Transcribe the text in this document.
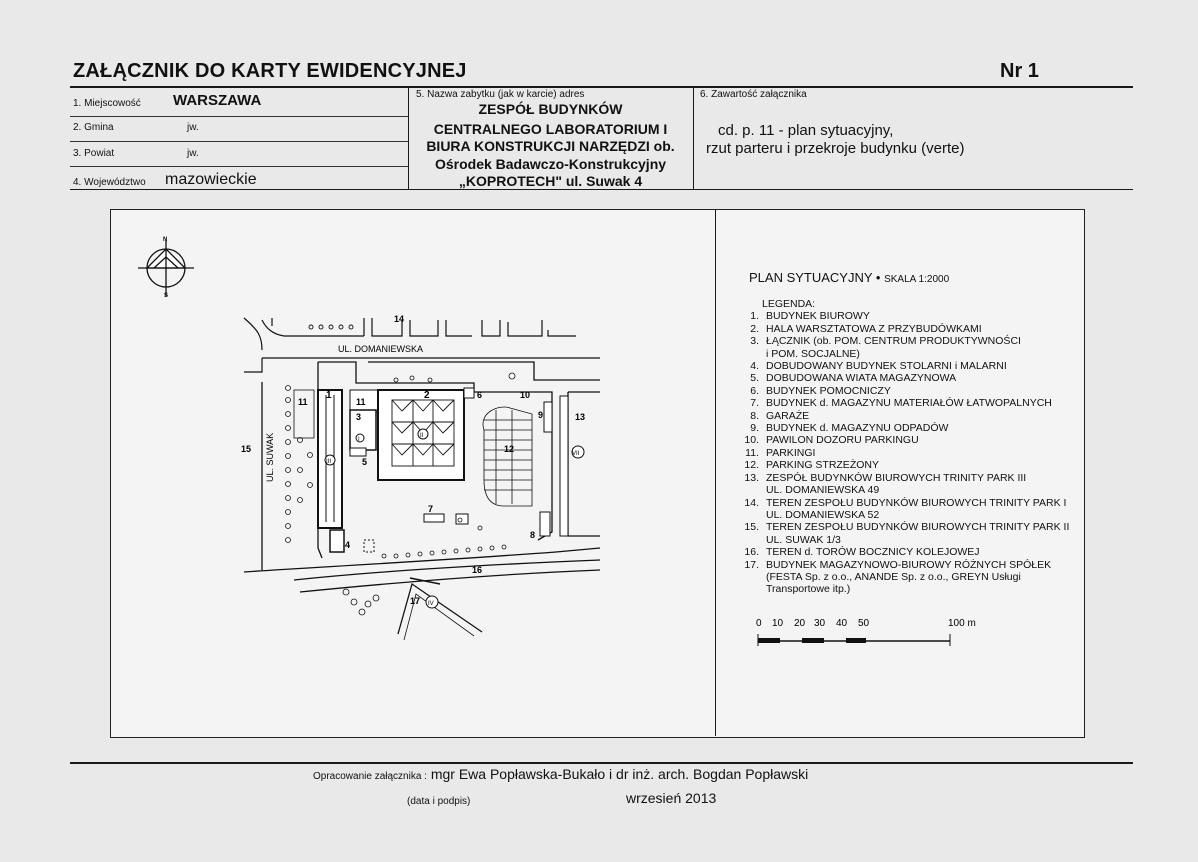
ZAŁĄCZNIK DO KARTY EWIDENCYJNEJ	Nr 1
1. Miejscowość WARSZAWA
2. Gmina	jw.
3. Powiat	jw.
4. Województwo mazowieckie
5. Nazwa zabytku (jak w karcie) adres
ZESPÓŁ BUDYNKÓW
CENTRALNEGO LABORATORIUM I
BIURA KONSTRUKCJI NARZĘDZI ob.
Ośrodek Badawczo-Konstrukcyjny
„KOPROTECH" ul. Suwak 4
6. Zawartość załącznika
cd. p. 11 - plan sytuacyjny,
rzut parteru i przekroje budynku (verte)
N
S
14
UL. DOMANIEWSKA
1
III
4
11
3
I
5
2
II
6
12
10
9
8
13
VII
7
11
UL. SUWAK
15
16
17 IV
PLAN SYTUACYJNY • SKALA 1:2000
LEGENDA:
1. BUDYNEK BIUROWY
2. HALA WARSZTATOWA Z PRZYBUDÓWKAMI
3. ŁĄCZNIK (ob. POM. CENTRUM PRODUKTYWNOŚCI
i POM. SOCJALNE)
4. DOBUDOWANY BUDYNEK STOLARNI i MALARNI
5. DOBUDOWANA WIATA MAGAZYNOWA
6. BUDYNEK POMOCNICZY
7. BUDYNEK d. MAGAZYNU MATERIAŁÓW ŁATWOPALNYCH
8. GARAŻE
9. BUDYNEK d. MAGAZYNU ODPADÓW
10. PAWILON DOZORU PARKINGU
11. PARKINGI
12. PARKING STRZEŻONY
13. ZESPÓŁ BUDYNKÓW BIUROWYCH TRINITY PARK III
UL. DOMANIEWSKA 49
14. TEREN ZESPOŁU BUDYNKÓW BIUROWYCH TRINITY PARK I
UL. DOMANIEWSKA 52
15. TEREN ZESPOŁU BUDYNKÓW BIUROWYCH TRINITY PARK II
UL. SUWAK 1/3
16. TEREN d. TORÓW BOCZNICY KOLEJOWEJ
17. BUDYNEK MAGAZYNOWO-BIUROWY RÓŻNYCH SPÓŁEK
(FESTA Sp. z o.o., ANANDE Sp. z o.o., GREYN Usługi
Transportowe itp.)
0 10 20 30 40 50	100 m
Opracowanie załącznika : mgr Ewa Popławska-Bukało i dr inż. arch. Bogdan Popławski
(data i podpis)	wrzesień 2013
